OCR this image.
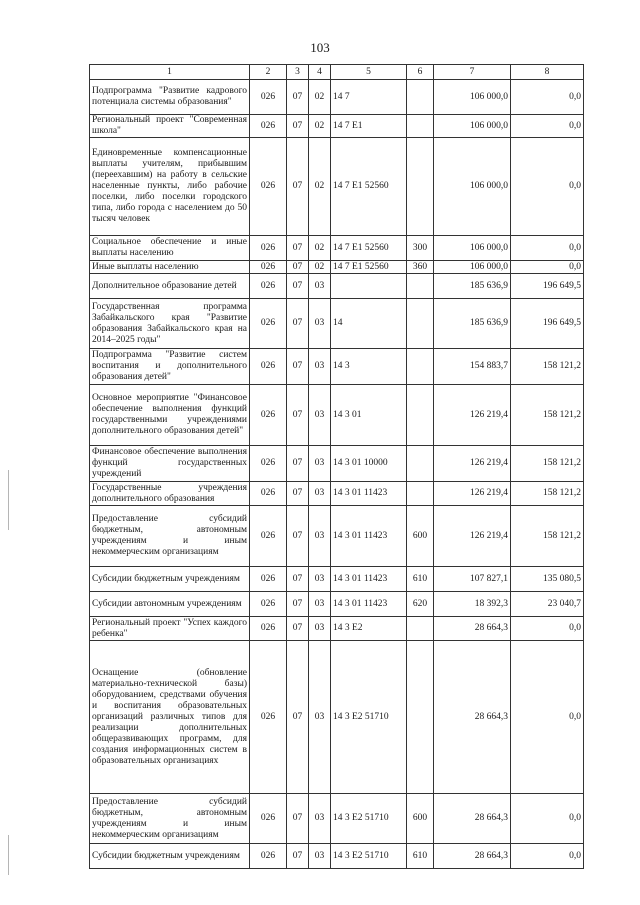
103
1	2	3	4	5	6	7	8
Подпрограмма "Развитие кадрового потенциала системы образования"	026	07	02	14 7		106 000,0	0,0
Региональный проект "Современная школа"	026	07	02	14 7 E1		106 000,0	0,0
Единовременные компенсационные выплаты учителям, прибывшим (переехавшим) на работу в сельские населенные пункты, либо рабочие поселки, либо поселки городского типа, либо города с населением до 50 тысяч человек	026	07	02	14 7 E1 52560		106 000,0	0,0
Социальное обеспечение и иные выплаты населению	026	07	02	14 7 E1 52560	300	106 000,0	0,0
Иные выплаты населению	026	07	02	14 7 E1 52560	360	106 000,0	0,0
Дополнительное образование детей	026	07	03			185 636,9	196 649,5
Государственная программа Забайкальского края "Развитие образования Забайкальского края на 2014–2025 годы"	026	07	03	14		185 636,9	196 649,5
Подпрограмма "Развитие систем воспитания и дополнительного образования детей"	026	07	03	14 3		154 883,7	158 121,2
Основное мероприятие "Финансовое обеспечение выполнения функций государственными учреждениями дополнительного образования детей"	026	07	03	14 3 01		126 219,4	158 121,2
Финансовое обеспечение выполнения функций государственных учреждений	026	07	03	14 3 01 10000		126 219,4	158 121,2
Государственные учреждения дополнительного образования	026	07	03	14 3 01 11423		126 219,4	158 121,2
Предоставление субсидий бюджетным, автономным учреждениям и иным некоммерческим организациям	026	07	03	14 3 01 11423	600	126 219,4	158 121,2
Субсидии бюджетным учреждениям	026	07	03	14 3 01 11423	610	107 827,1	135 080,5
Субсидии автономным учреждениям	026	07	03	14 3 01 11423	620	18 392,3	23 040,7
Региональный проект "Успех каждого ребенка"	026	07	03	14 3 E2		28 664,3	0,0
Оснащение (обновление материально-технической базы) оборудованием, средствами обучения и воспитания образовательных организаций различных типов для реализации дополнительных общеразвивающих программ, для создания информационных систем в образовательных организациях	026	07	03	14 3 E2 51710		28 664,3	0,0
Предоставление субсидий бюджетным, автономным учреждениям и иным некоммерческим организациям	026	07	03	14 3 E2 51710	600	28 664,3	0,0
Субсидии бюджетным учреждениям	026	07	03	14 3 E2 51710	610	28 664,3	0,0
